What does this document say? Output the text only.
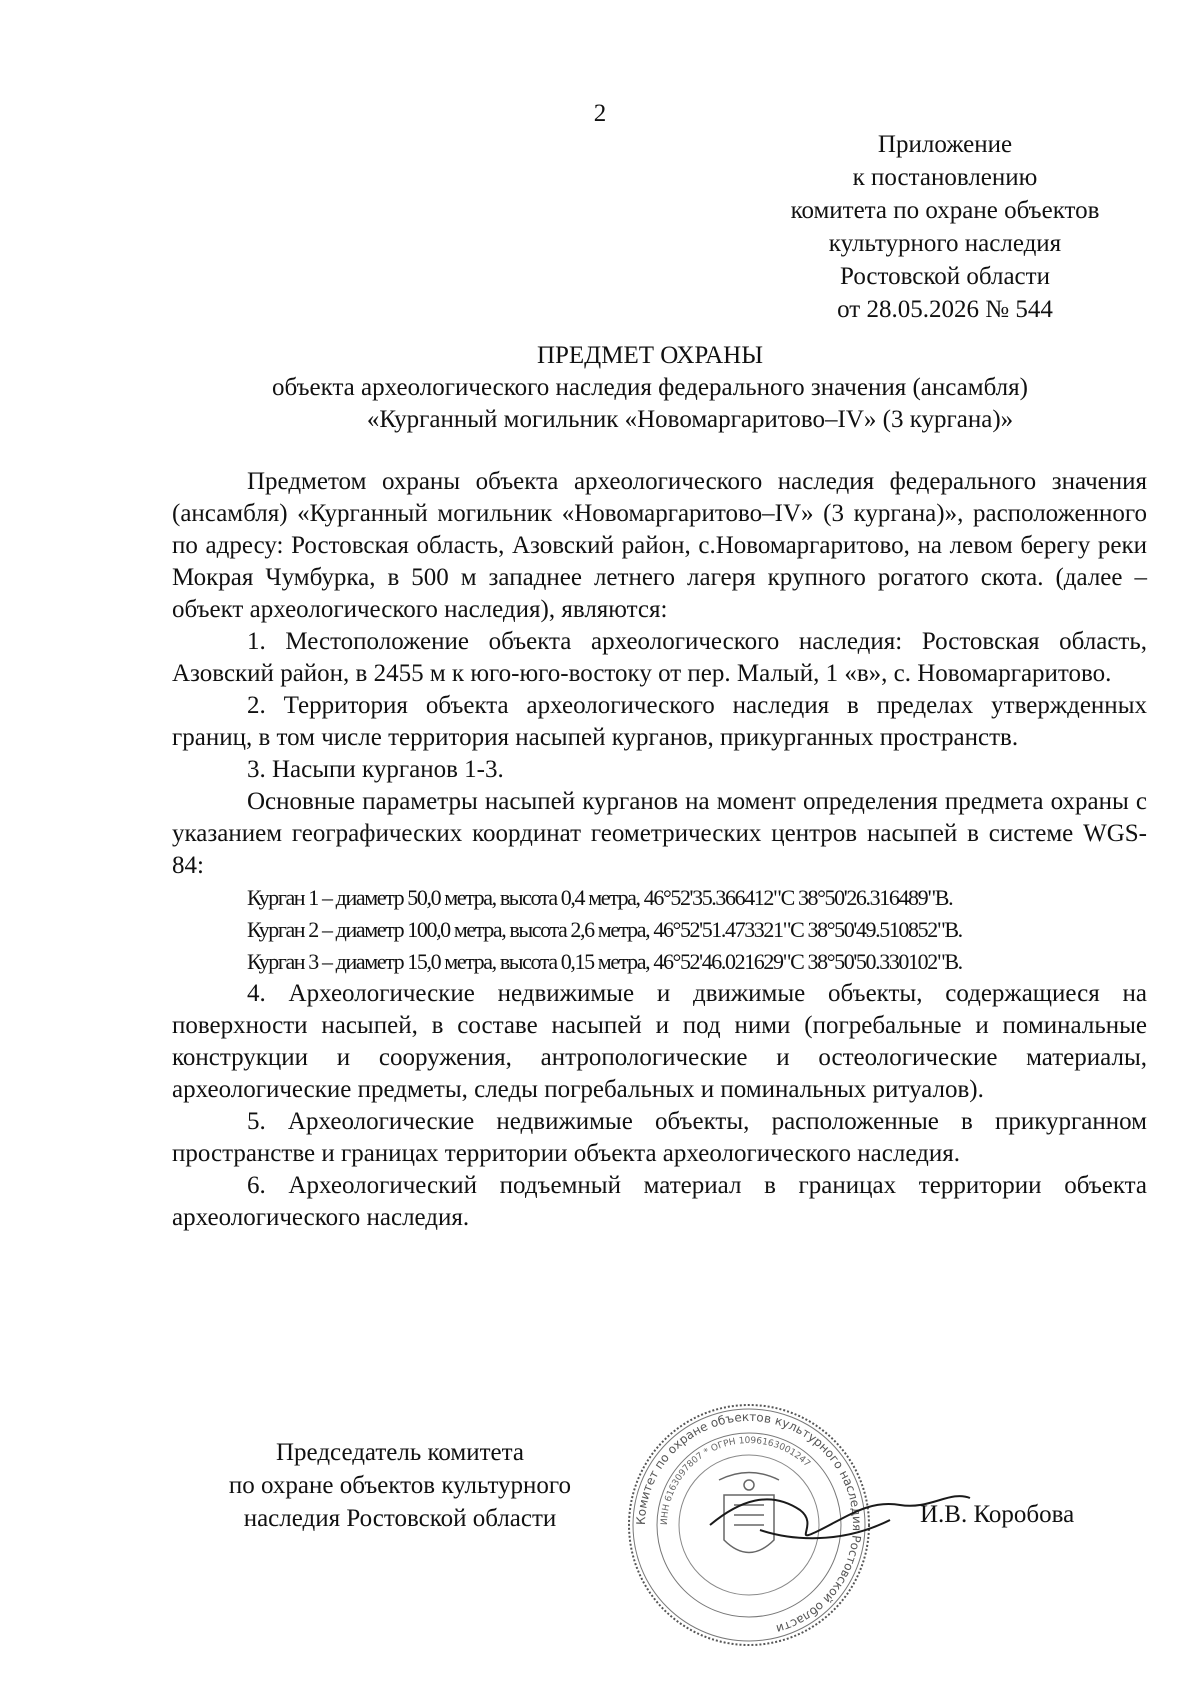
2
Приложение
к постановлению
комитета по охране объектов
культурного наследия
Ростовской области
от 28.05.2026 № 544
ПРЕДМЕТ ОХРАНЫ
объекта археологического наследия федерального значения (ансамбля)
«Курганный могильник «Новомаргаритово–IV» (3 кургана)»

Предметом охраны объекта археологического наследия федерального значения (ансамбля) «Курганный могильник «Новомаргаритово–IV» (3 кургана)», расположенного по адресу: Ростовская область, Азовский район, с.Новомаргаритово, на левом берегу реки Мокрая Чумбурка, в 500 м западнее летнего лагеря крупного рогатого скота. (далее – объект археологического наследия), являются:

1. Местоположение объекта археологического наследия: Ростовская область, Азовский район, в 2455 м к юго-юго-востоку от пер. Малый, 1 «в», с. Новомаргаритово.

2. Территория объекта археологического наследия в пределах утвержденных границ, в том числе территория насыпей курганов, прикурганных пространств.

3. Насыпи курганов 1-3.

Основные параметры насыпей курганов на момент определения предмета охраны с указанием географических координат геометрических центров насыпей в системе WGS-84:

Курган 1 – диаметр 50,0 метра, высота 0,4 метра, 46°52'35.366412"С 38°50'26.316489"В.
Курган 2 – диаметр 100,0 метра, высота 2,6 метра, 46°52'51.473321"С 38°50'49.510852"В.
Курган 3 – диаметр 15,0 метра, высота 0,15 метра, 46°52'46.021629"С 38°50'50.330102"В.

4. Археологические недвижимые и движимые объекты, содержащиеся на поверхности насыпей, в составе насыпей и под ними (погребальные и поминальные конструкции и сооружения, антропологические и остеологические материалы, археологические предметы, следы погребальных и поминальных ритуалов).

5. Археологические недвижимые объекты, расположенные в прикурганном пространстве и границах территории объекта археологического наследия.

6. Археологический подъемный материал в границах территории объекта археологического наследия.

Председатель комитета
по охране объектов культурного
наследия Ростовской области	Комитет по охране объектов культурного наследия Ростовской области
ИНН 6163097807 * ОГРН 1096163001247
И.В. Коробова
